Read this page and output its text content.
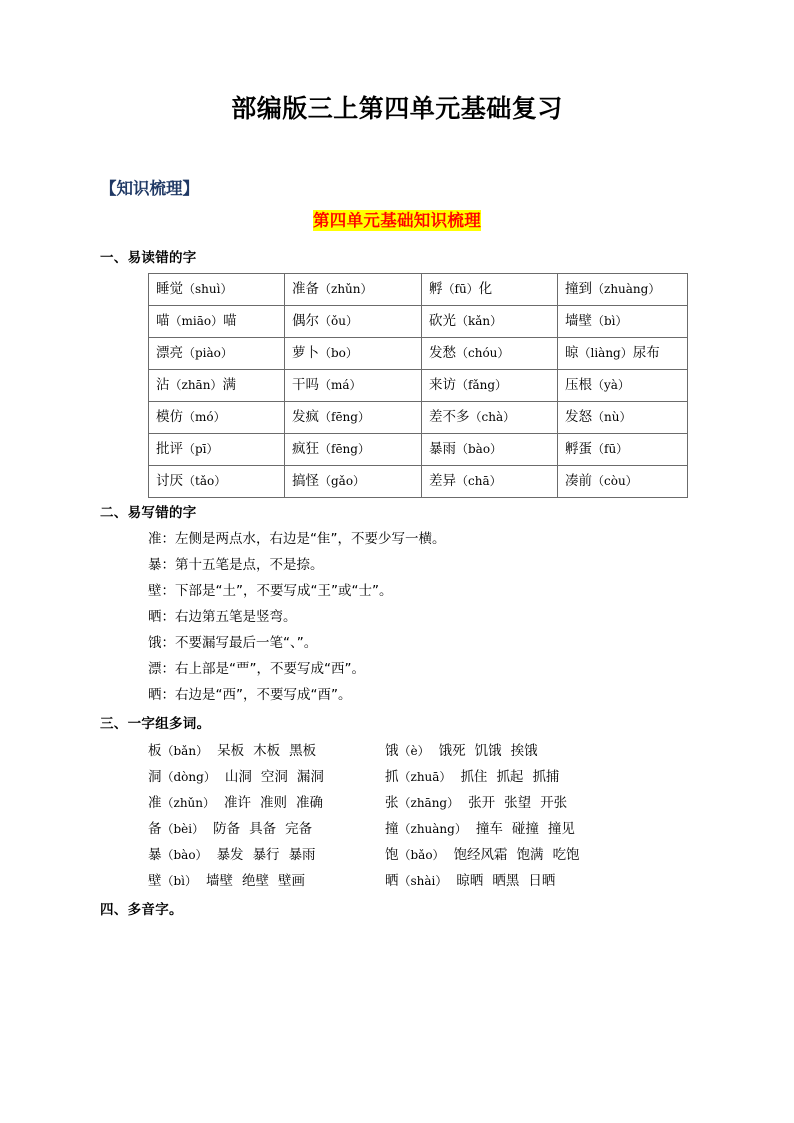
部编版三上第四单元基础复习
【知识梳理】
第四单元基础知识梳理
一、易读错的字
睡觉（shuì）	准备（zhǔn）	孵（fū）化	撞到（zhuàng）
喵（miāo）喵	偶尔（ǒu）	砍光（kǎn）	墙壁（bì）
漂亮（piào）	萝卜（bo）	发愁（chóu）	晾（liàng）尿布
沾（zhān）满	干吗（má）	来访（fǎng）	压根（yà）
模仿（mó）	发疯（fēng）	差不多（chà）	发怒（nù）
批评（pī）	疯狂（fēng）	暴雨（bào）	孵蛋（fū）
讨厌（tǎo）	搞怪（gǎo）	差异（chā）	凑前（còu）
二、易写错的字
准：左侧是两点水，右边是“隹”，不要少写一横。
暴：第十五笔是点，不是捺。
壁：下部是“土”，不要写成“王”或“士”。
晒：右边第五笔是竖弯。
饿：不要漏写最后一笔“、”。
漂：右上部是“覀”，不要写成“西”。
晒：右边是“西”，不要写成“酉”。
三、一字组多词。
板（bǎn） 呆板 木板 黑板	饿（è） 饿死 饥饿 挨饿
洞（dòng） 山洞 空洞 漏洞	抓（zhuā） 抓住 抓起 抓捕
准（zhǔn） 准许 准则 准确	张（zhāng） 张开 张望 开张
备（bèi） 防备 具备 完备	撞（zhuàng） 撞车 碰撞 撞见
暴（bào） 暴发 暴行 暴雨	饱（bǎo） 饱经风霜 饱满 吃饱
壁（bì） 墙壁 绝壁 壁画	晒（shài） 晾晒 晒黑 日晒
四、多音字。
